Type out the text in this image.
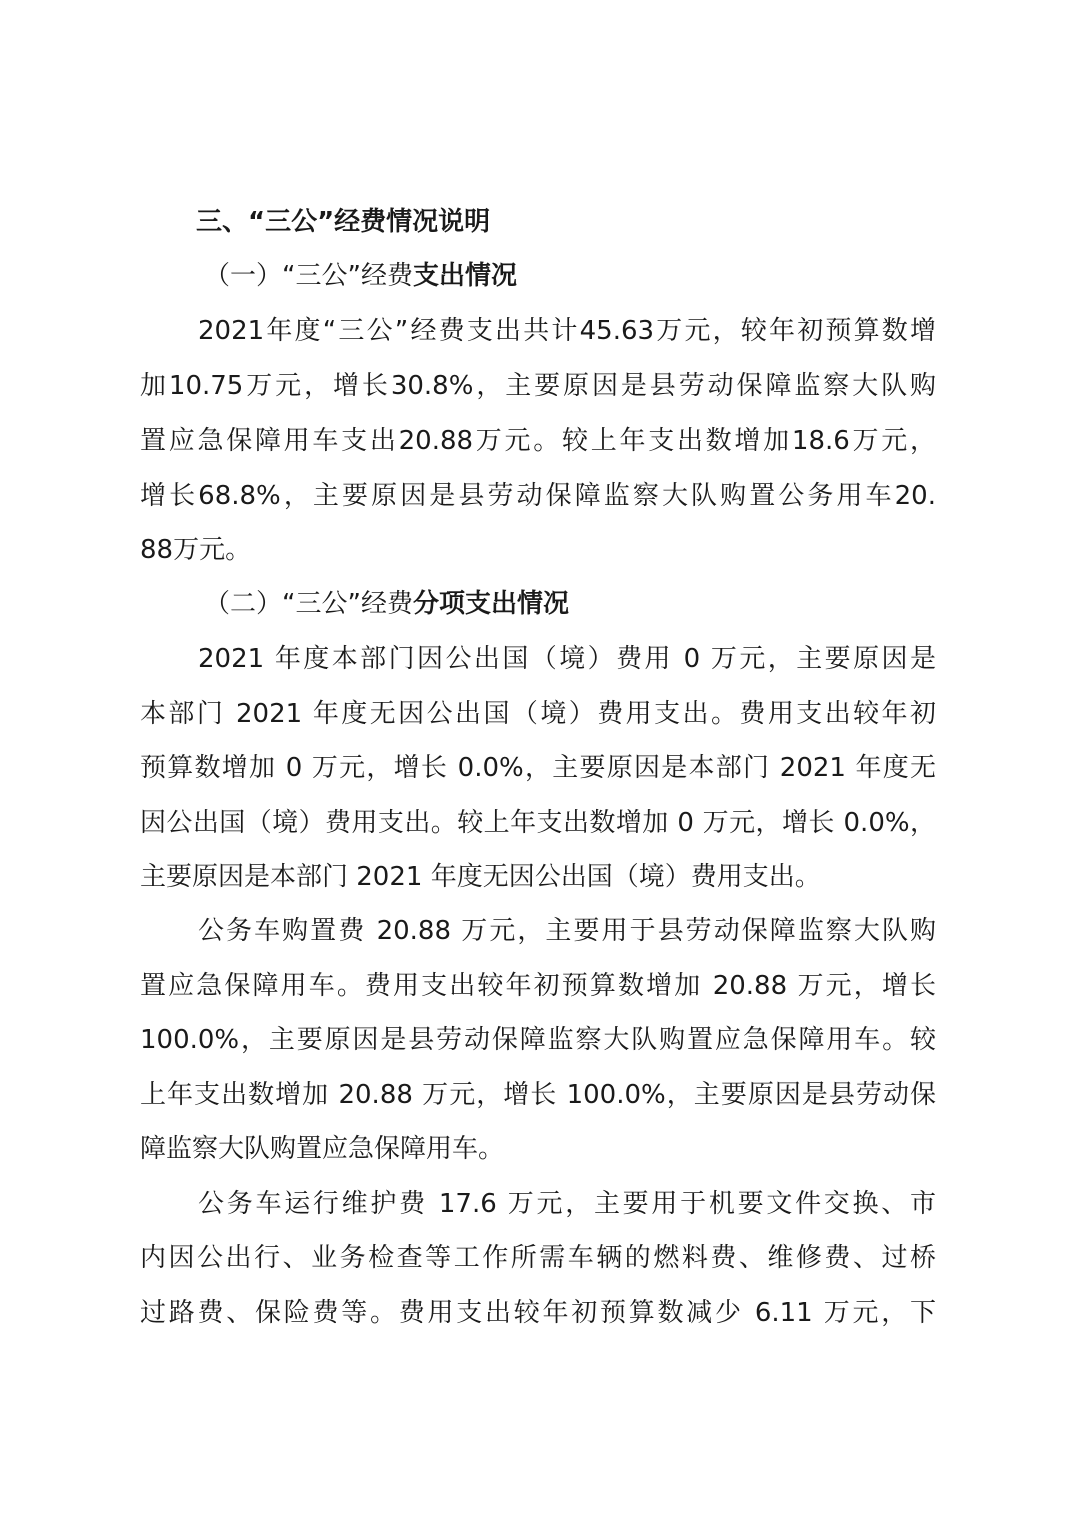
三、“三公”经费情况说明
（一）“三公”经费支出情况
2021年度“三公”经费支出共计45.63万元，较年初预算数增
加10.75万元，增长30.8%，主要原因是县劳动保障监察大队购
置应急保障用车支出20.88万元。较上年支出数增加18.6万元，
增长68.8%，主要原因是县劳动保障监察大队购置公务用车20.
88万元。
（二）“三公”经费分项支出情况
2021 年度本部门因公出国（境）费用 0 万元，主要原因是
本部门 2021 年度无因公出国（境）费用支出。费用支出较年初
预算数增加 0 万元，增长 0.0%，主要原因是本部门 2021 年度无
因公出国（境）费用支出。较上年支出数增加 0 万元，增长 0.0%，
主要原因是本部门 2021 年度无因公出国（境）费用支出。
公务车购置费 20.88 万元，主要用于县劳动保障监察大队购
置应急保障用车。费用支出较年初预算数增加 20.88 万元，增长
100.0%，主要原因是县劳动保障监察大队购置应急保障用车。较
上年支出数增加 20.88 万元，增长 100.0%，主要原因是县劳动保
障监察大队购置应急保障用车。
公务车运行维护费 17.6 万元，主要用于机要文件交换、市
内因公出行、业务检查等工作所需车辆的燃料费、维修费、过桥
过路费、保险费等。费用支出较年初预算数减少 6.11 万元，下
